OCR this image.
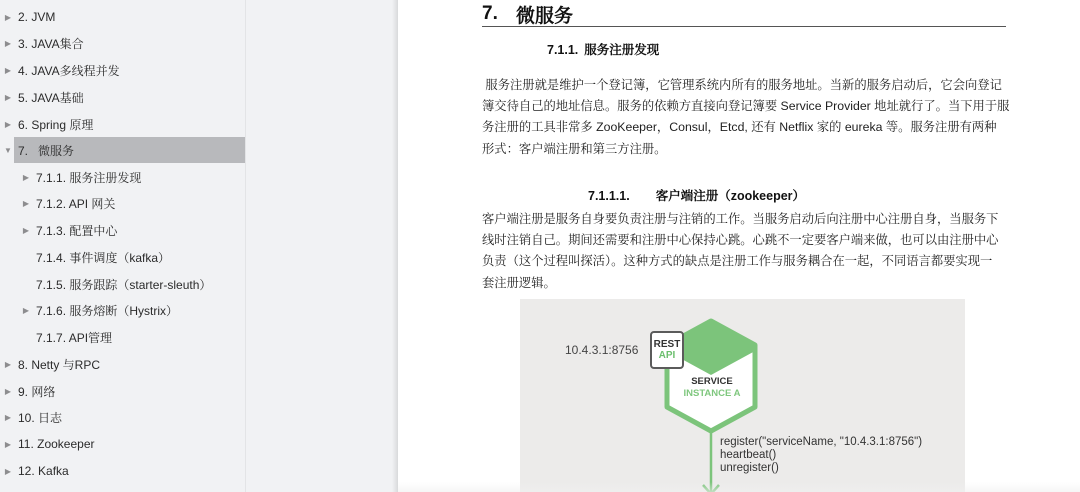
▶ 2. JVM
▶ 3. JAVA集合
▶ 4. JAVA多线程并发
▶ 5. JAVA基础
▶ 6. Spring 原理
▼ 7.   微服务
▶ 7.1.1. 服务注册发现
▶ 7.1.2. API 网关
▶ 7.1.3. 配置中心
7.1.4. 事件调度（kafka）
7.1.5. 服务跟踪（starter-sleuth）
▶ 7.1.6. 服务熔断（Hystrix）
7.1.7. API管理
▶ 8. Netty 与RPC
▶ 9. 网络
▶ 10. 日志
▶ 11. Zookeeper
▶ 12. Kafka
7. 微服务
7.1.1. 服务注册发现
服务注册就是维护一个登记簿，它管理系统内所有的服务地址。当新的服务启动后，它会向登记
簿交待自己的地址信息。服务的依赖方直接向登记簿要 Service Provider 地址就行了。当下用于服
务注册的工具非常多 ZooKeeper，Consul，Etcd, 还有 Netflix 家的 eureka 等。服务注册有两种
形式：客户端注册和第三方注册。
7.1.1.1. 客户端注册（zookeeper）
客户端注册是服务自身要负责注册与注销的工作。当服务启动后向注册中心注册自身，当服务下
线时注销自己。期间还需要和注册中心保持心跳。心跳不一定要客户端来做，也可以由注册中心
负责（这个过程叫探活）。这种方式的缺点是注册工作与服务耦合在一起，不同语言都要实现一
套注册逻辑。
10.4.3.1:8756 REST
API
SERVICE
INSTANCE A
register("serviceName, "10.4.3.1:8756")
heartbeat()
unregister()
